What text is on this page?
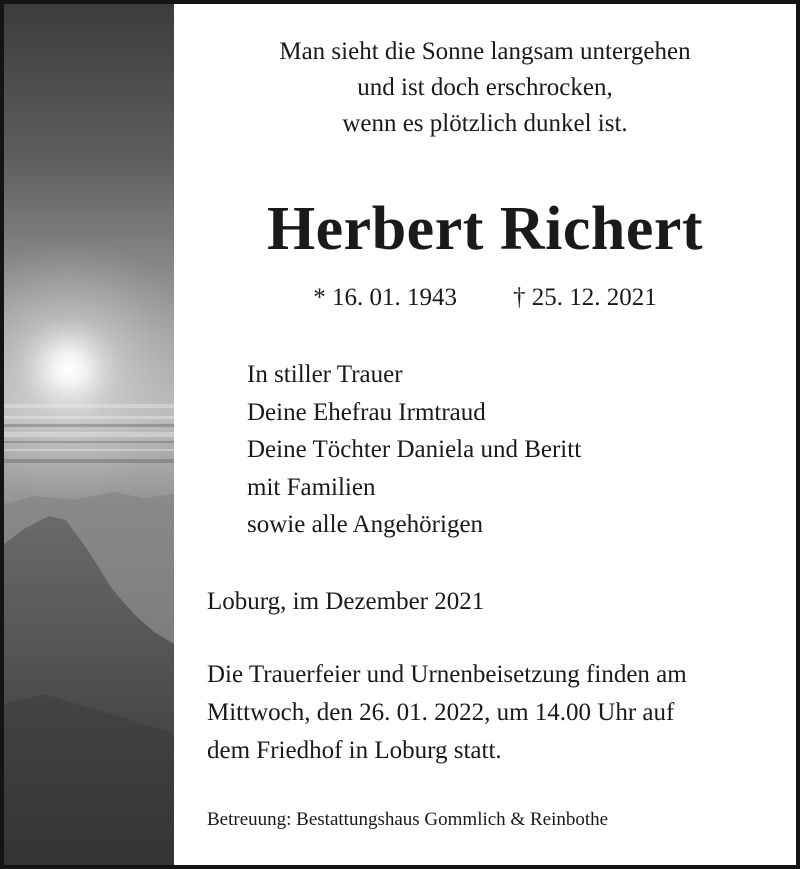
Man sieht die Sonne langsam untergehen
und ist doch erschrocken,
wenn es plötzlich dunkel ist.
Herbert Richert
* 16. 01. 1943 † 25. 12. 2021
In stiller Trauer
Deine Ehefrau Irmtraud
Deine Töchter Daniela und Beritt
mit Familien
sowie alle Angehörigen
Loburg, im Dezember 2021
Die Trauerfeier und Urnenbeisetzung finden am
Mittwoch, den 26. 01. 2022, um 14.00 Uhr auf
dem Friedhof in Loburg statt.
Betreuung: Bestattungshaus Gommlich & Reinbothe
